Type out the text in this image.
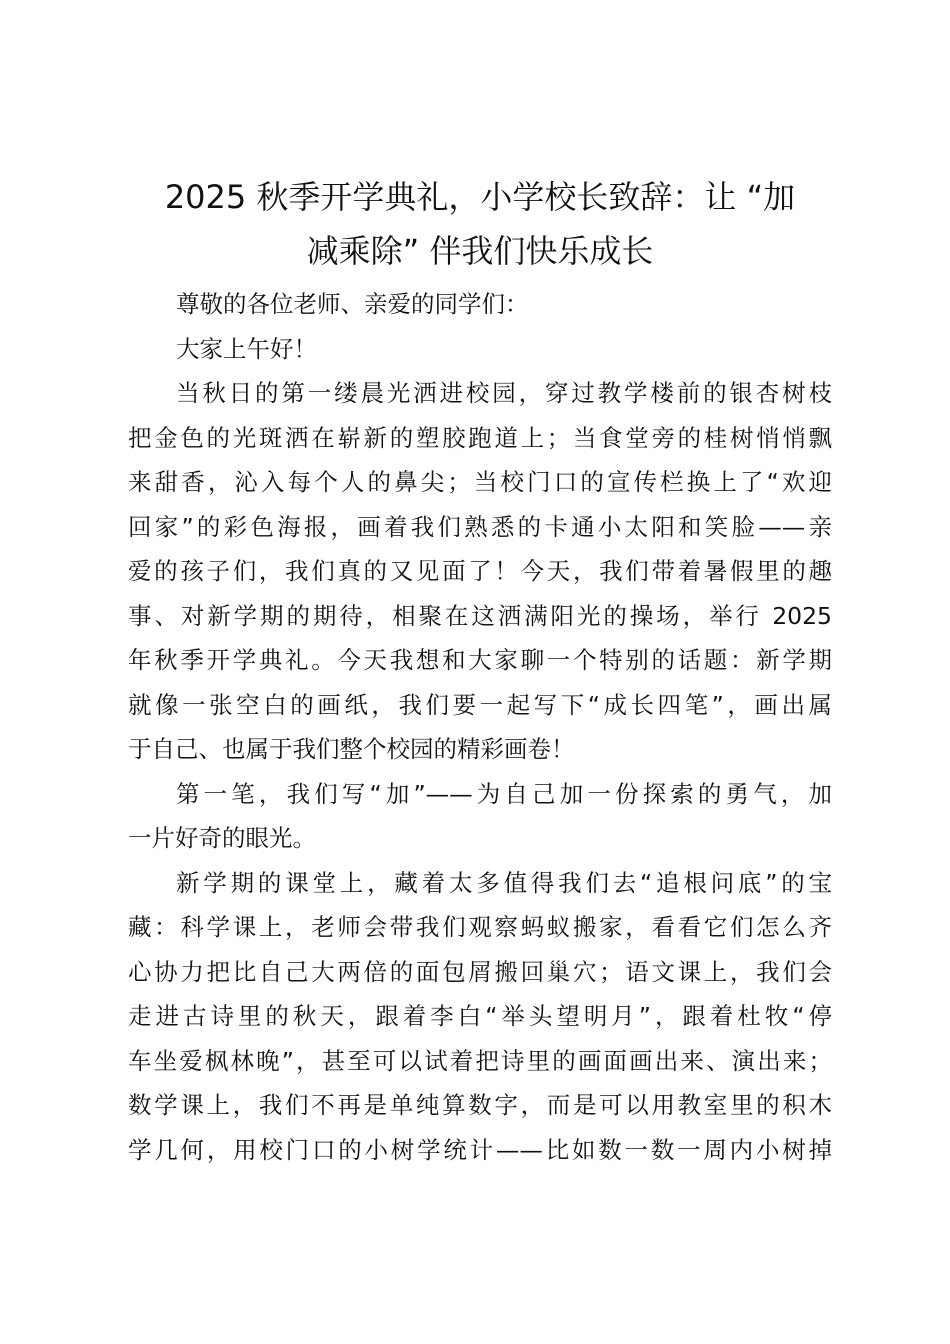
2025 秋季开学典礼，小学校长致辞：让 “加
减乘除” 伴我们快乐成长

尊敬的各位老师、亲爱的同学们：

大家上午好！

当秋日的第一缕晨光洒进校园，穿过教学楼前的银杏树枝
把金色的光斑洒在崭新的塑胶跑道上；当食堂旁的桂树悄悄飘
来甜香，沁入每个人的鼻尖；当校门口的宣传栏换上了“欢迎
回家”的彩色海报，画着我们熟悉的卡通小太阳和笑脸——亲
爱的孩子们，我们真的又见面了！今天，我们带着暑假里的趣
事、对新学期的期待，相聚在这洒满阳光的操场，举行 2025
年秋季开学典礼。今天我想和大家聊一个特别的话题：新学期
就像一张空白的画纸，我们要一起写下“成长四笔”，画出属
于自己、也属于我们整个校园的精彩画卷！

第一笔，我们写“加”——为自己加一份探索的勇气，加
一片好奇的眼光。

新学期的课堂上，藏着太多值得我们去“追根问底”的宝
藏：科学课上，老师会带我们观察蚂蚁搬家，看看它们怎么齐
心协力把比自己大两倍的面包屑搬回巢穴；语文课上，我们会
走进古诗里的秋天，跟着李白“举头望明月”，跟着杜牧“停
车坐爱枫林晚”，甚至可以试着把诗里的画面画出来、演出来；
数学课上，我们不再是单纯算数字，而是可以用教室里的积木
学几何，用校门口的小树学统计——比如数一数一周内小树掉
